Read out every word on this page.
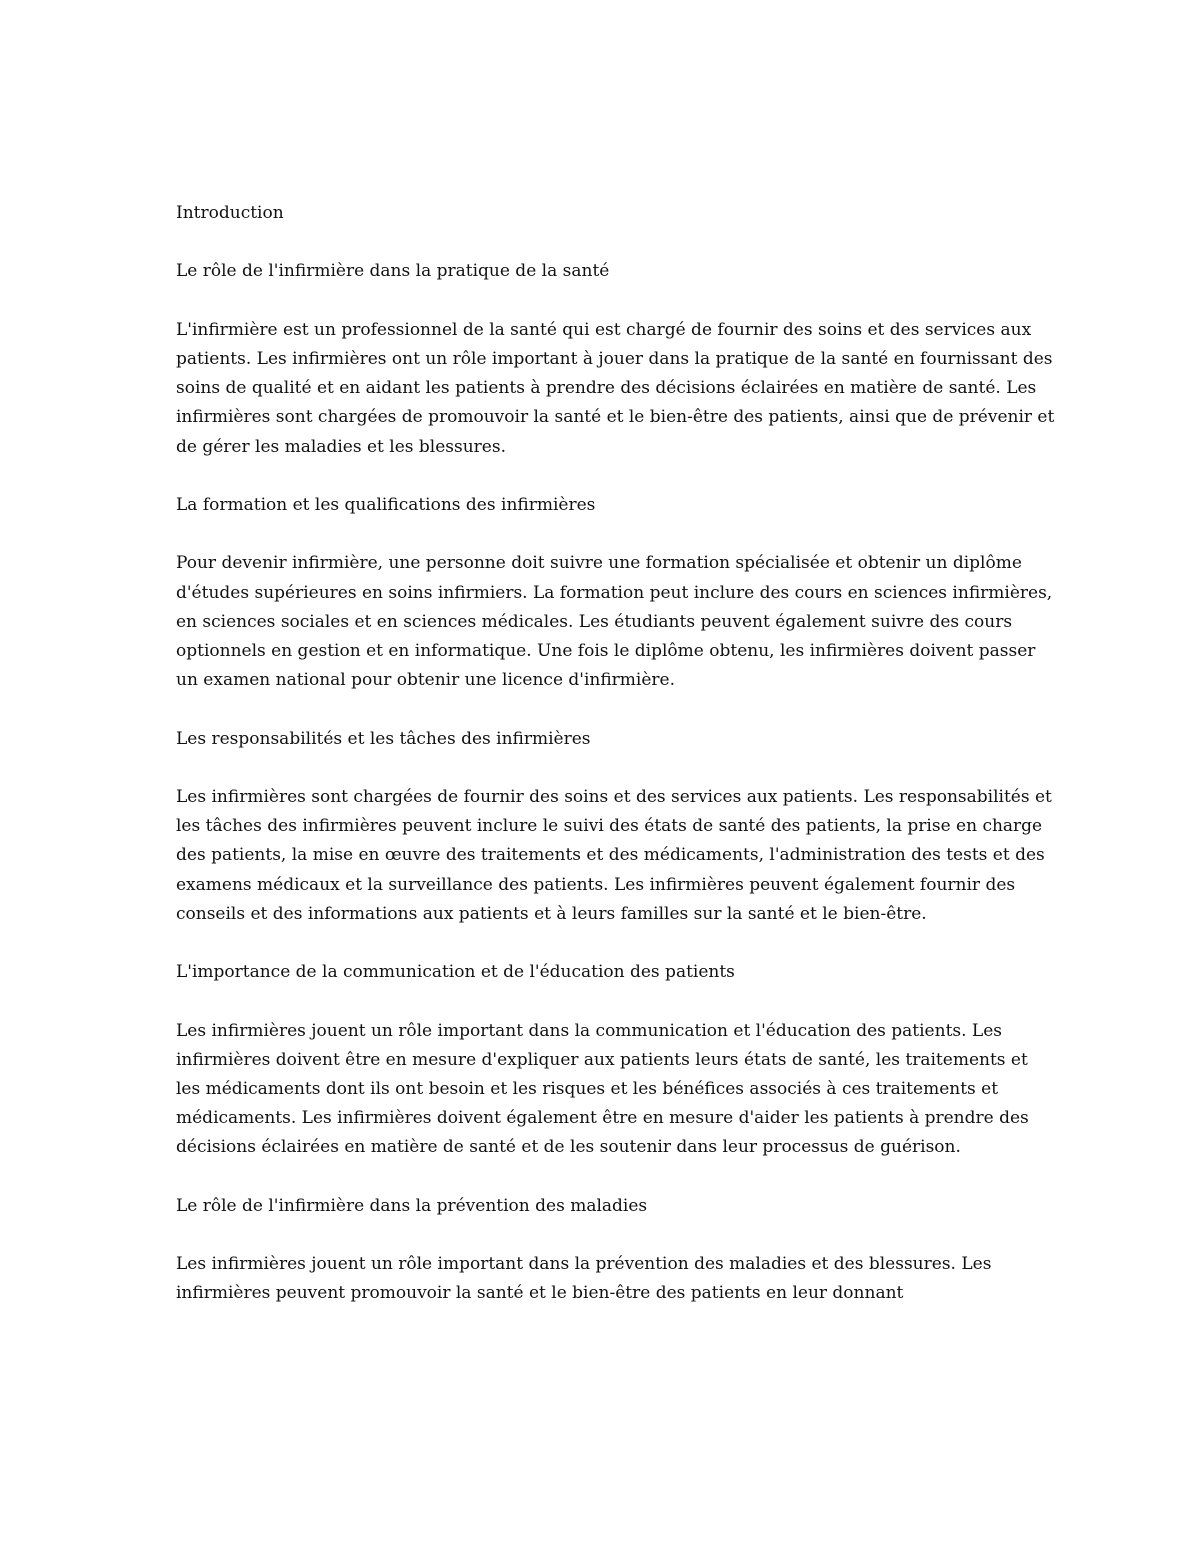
Introduction

Le rôle de l'infirmière dans la pratique de la santé

L'infirmière est un professionnel de la santé qui est chargé de fournir des soins et des services aux patients. Les infirmières ont un rôle important à jouer dans la pratique de la santé en fournissant des soins de qualité et en aidant les patients à prendre des décisions éclairées en matière de santé. Les infirmières sont chargées de promouvoir la santé et le bien-être des patients, ainsi que de prévenir et de gérer les maladies et les blessures.

La formation et les qualifications des infirmières

Pour devenir infirmière, une personne doit suivre une formation spécialisée et obtenir un diplôme d'études supérieures en soins infirmiers. La formation peut inclure des cours en sciences infirmières, en sciences sociales et en sciences médicales. Les étudiants peuvent également suivre des cours optionnels en gestion et en informatique. Une fois le diplôme obtenu, les infirmières doivent passer un examen national pour obtenir une licence d'infirmière.

Les responsabilités et les tâches des infirmières

Les infirmières sont chargées de fournir des soins et des services aux patients. Les responsabilités et les tâches des infirmières peuvent inclure le suivi des états de santé des patients, la prise en charge des patients, la mise en œuvre des traitements et des médicaments, l'administration des tests et des examens médicaux et la surveillance des patients. Les infirmières peuvent également fournir des conseils et des informations aux patients et à leurs familles sur la santé et le bien-être.

L'importance de la communication et de l'éducation des patients

Les infirmières jouent un rôle important dans la communication et l'éducation des patients. Les infirmières doivent être en mesure d'expliquer aux patients leurs états de santé, les traitements et les médicaments dont ils ont besoin et les risques et les bénéfices associés à ces traitements et médicaments. Les infirmières doivent également être en mesure d'aider les patients à prendre des décisions éclairées en matière de santé et de les soutenir dans leur processus de guérison.

Le rôle de l'infirmière dans la prévention des maladies

Les infirmières jouent un rôle important dans la prévention des maladies et des blessures. Les infirmières peuvent promouvoir la santé et le bien-être des patients en leur donnant
